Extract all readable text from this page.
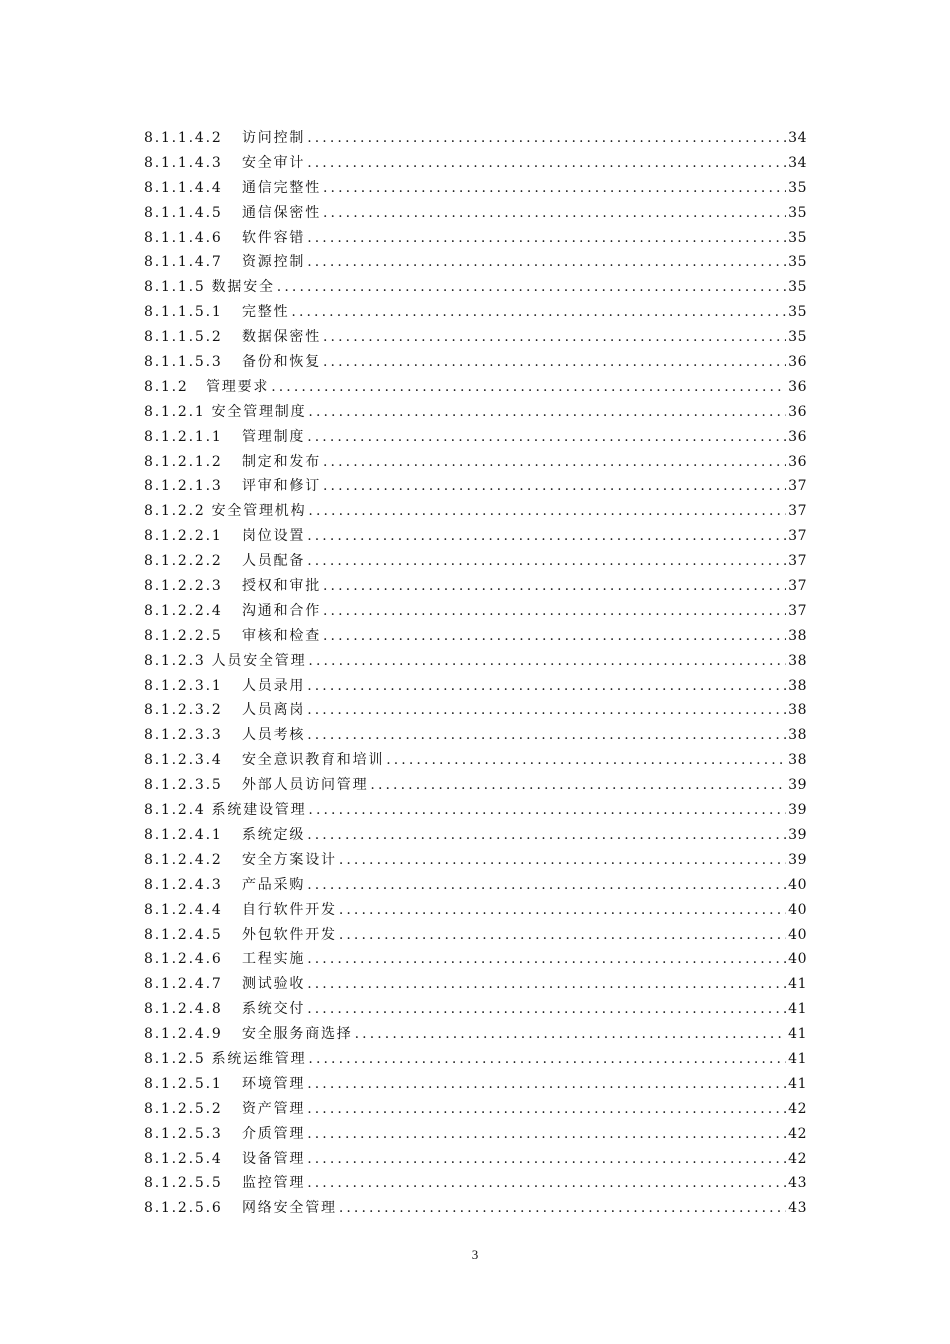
8.1.1.4.2	访问控制 .....	34
8.1.1.4.3	安全审计 .....	34
8.1.1.4.4	通信完整性 .....	35
8.1.1.4.5	通信保密性 .....	35
8.1.1.4.6	软件容错 .....	35
8.1.1.4.7	资源控制 .....	35
8.1.1.5 数据安全 .....	35
8.1.1.5.1	完整性 .....	35
8.1.1.5.2	数据保密性 .....	35
8.1.1.5.3	备份和恢复 .....	36
8.1.2	管理要求 .....	36
8.1.2.1 安全管理制度 .....	36
8.1.2.1.1	管理制度 .....	36
8.1.2.1.2	制定和发布 .....	36
8.1.2.1.3	评审和修订 .....	37
8.1.2.2 安全管理机构 .....	37
8.1.2.2.1	岗位设置 .....	37
8.1.2.2.2	人员配备 .....	37
8.1.2.2.3	授权和审批 .....	37
8.1.2.2.4	沟通和合作 .....	37
8.1.2.2.5	审核和检查 .....	38
8.1.2.3 人员安全管理 .....	38
8.1.2.3.1	人员录用 .....	38
8.1.2.3.2	人员离岗 .....	38
8.1.2.3.3	人员考核 .....	38
8.1.2.3.4	安全意识教育和培训 .....	38
8.1.2.3.5	外部人员访问管理 .....	39
8.1.2.4 系统建设管理 .....	39
8.1.2.4.1	系统定级 .....	39
8.1.2.4.2	安全方案设计 .....	39
8.1.2.4.3	产品采购 .....	40
8.1.2.4.4	自行软件开发 .....	40
8.1.2.4.5	外包软件开发 .....	40
8.1.2.4.6	工程实施 .....	40
8.1.2.4.7	测试验收 .....	41
8.1.2.4.8	系统交付 .....	41
8.1.2.4.9	安全服务商选择 .....	41
8.1.2.5 系统运维管理 .....	41
8.1.2.5.1	环境管理 .....	41
8.1.2.5.2	资产管理 .....	42
8.1.2.5.3	介质管理 .....	42
8.1.2.5.4	设备管理 .....	42
8.1.2.5.5	监控管理 .....	43
8.1.2.5.6	网络安全管理 .....	43
3
